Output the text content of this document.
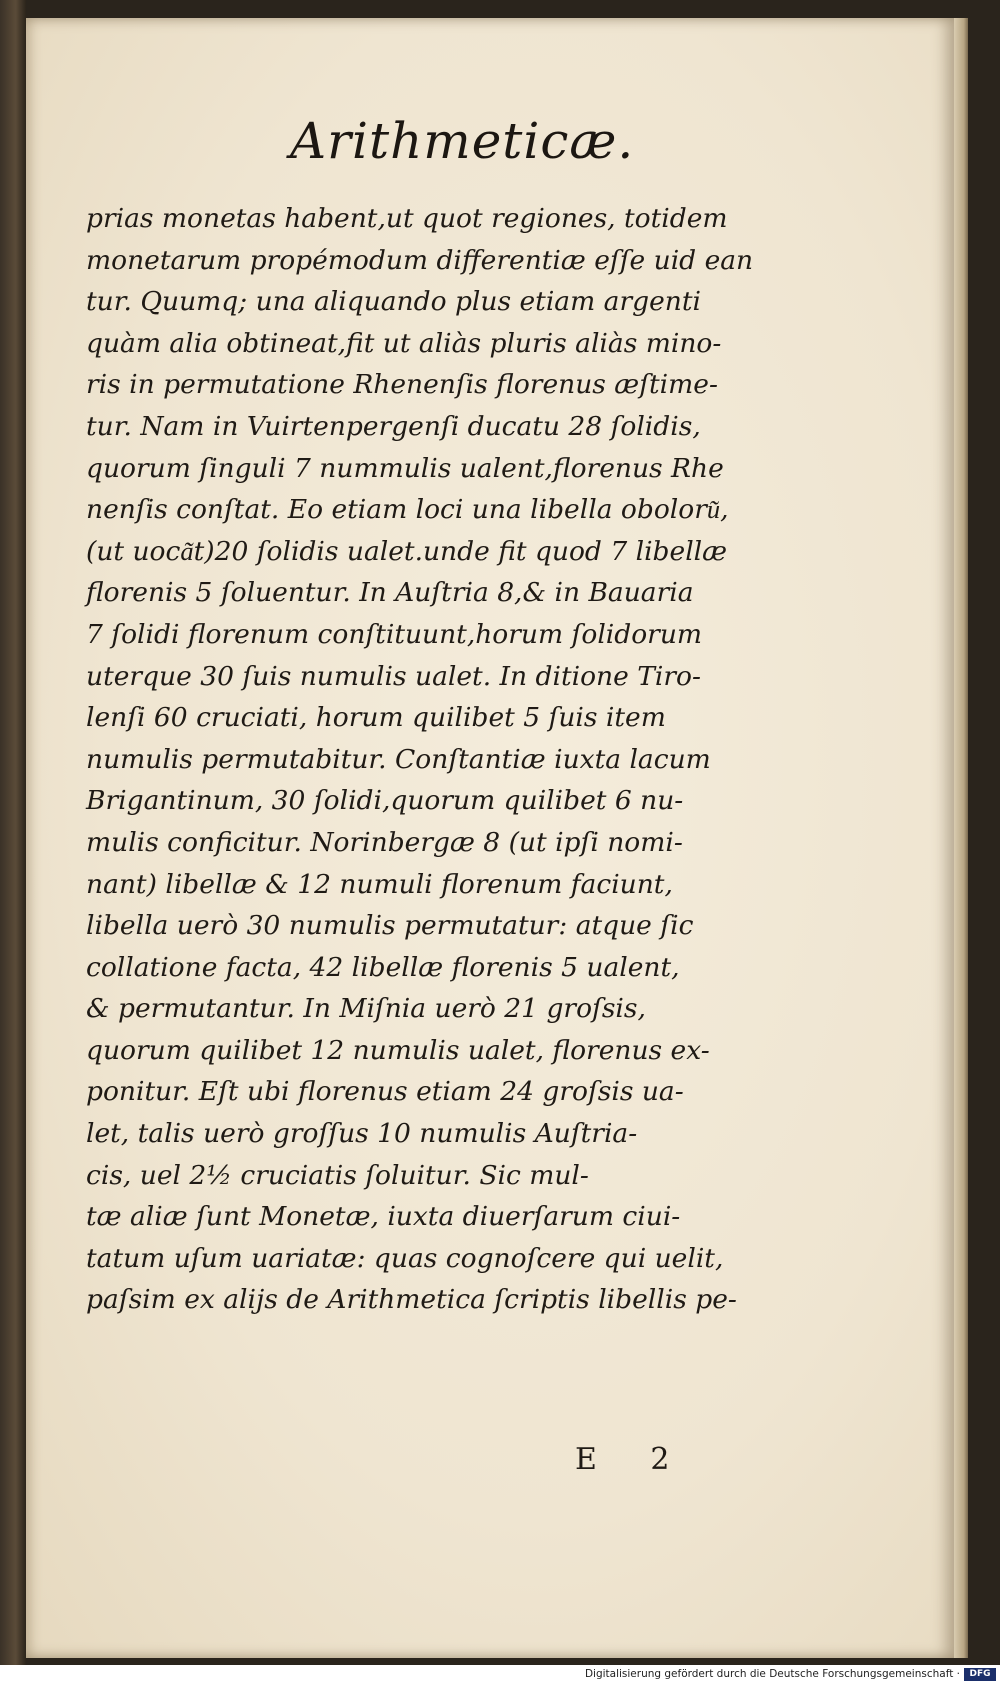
Arithmeticæ.
prias monetas habent,ut quot regiones, totidem
monetarum propémodum differentiæ eſſe uid ean
tur. Quumq; una aliquando plus etiam argenti
quàm alia obtineat,fit ut aliàs pluris aliàs mino-
ris in permutatione Rhenenſis florenus æſtime-
tur. Nam in Vuirtenpergenſi ducatu 28 ſolidis,
quorum ſinguli 7 nummulis ualent,florenus Rhe
nenſis conſtat. Eo etiam loci una libella oboloru͂,
(ut uoca͂t)20 ſolidis ualet.unde fit quod 7 libellæ
florenis 5 ſoluentur. In Auſtria 8,& in Bauaria
7 ſolidi florenum conſtituunt,horum ſolidorum
uterque 30 ſuis numulis ualet. In ditione Tiro-
lenſi 60 cruciati, horum quilibet 5 ſuis item
numulis permutabitur. Conſtantiæ iuxta lacum
Brigantinum, 30 ſolidi,quorum quilibet 6 nu-
mulis conficitur. Norinbergæ 8 (ut ipſi nomi-
nant) libellæ & 12 numuli florenum faciunt,
libella uerò 30 numulis permutatur: atque ſic
collatione facta, 42 libellæ florenis 5 ualent,
& permutantur. In Miſnia uerò 21 groſsis,
quorum quilibet 12 numulis ualet, florenus ex-
ponitur. Eſt ubi florenus etiam 24 groſsis ua-
let, talis uerò groſſus 10 numulis Auſtria-
cis, uel 2½ cruciatis ſoluitur. Sic mul-
tæ aliæ ſunt Monetæ, iuxta diuerſarum ciui-
tatum uſum uariatæ: quas cognoſcere qui uelit,
paſsim ex alijs de Arithmetica ſcriptis libellis pe-
E 2
Digitalisierung gefördert durch die Deutsche Forschungsgemeinschaft ·	DFG
